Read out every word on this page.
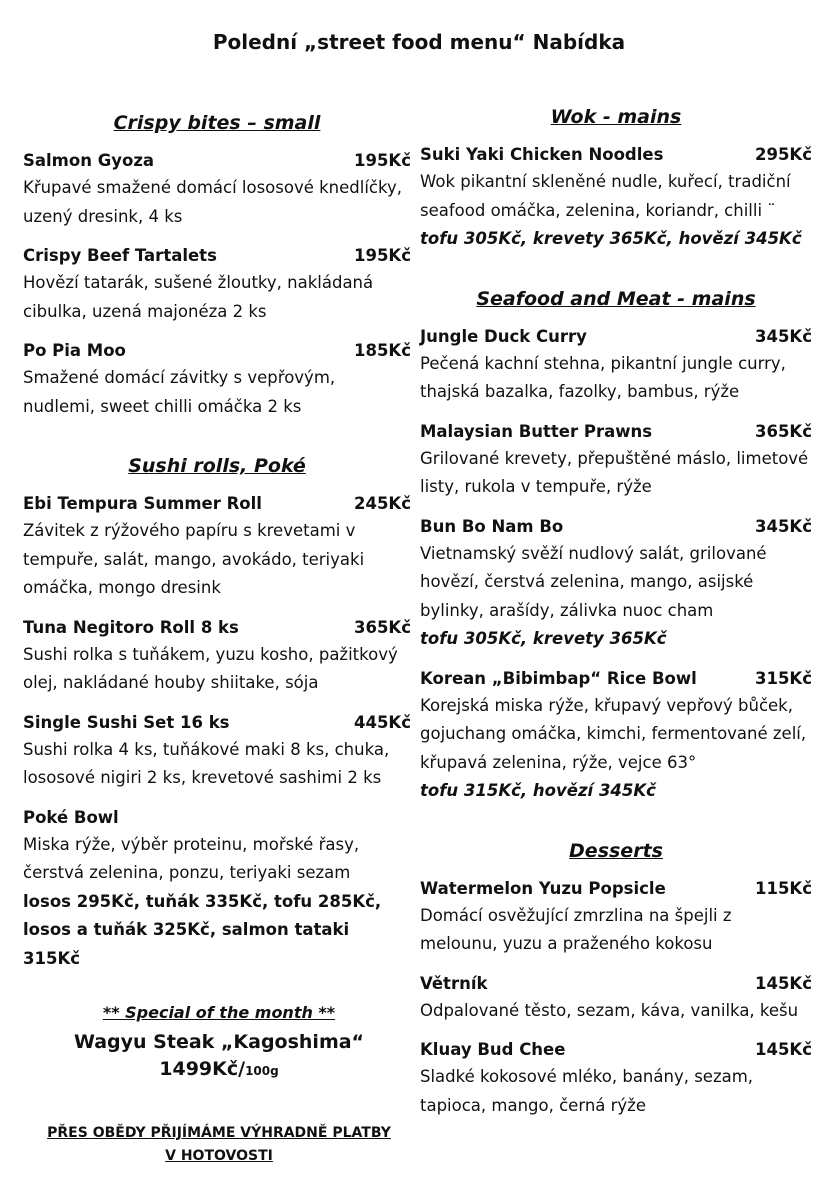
Polední „street food menu“ Nabídka
Crispy bites – small
Salmon Gyoza	195Kč
Křupavé smažené domácí lososové knedlíčky, uzený dresink, 4 ks
Crispy Beef Tartalets	195Kč
Hovězí tatarák, sušené žloutky, nakládaná cibulka, uzená majonéza 2 ks
Po Pia Moo	185Kč
Smažené domácí závitky s vepřovým, nudlemi, sweet chilli omáčka 2 ks
Sushi rolls, Poké
Ebi Tempura Summer Roll	245Kč
Závitek z rýžového papíru s krevetami v tempuře, salát, mango, avokádo, teriyaki omáčka, mongo dresink
Tuna Negitoro Roll 8 ks	365Kč
Sushi rolka s tuňákem, yuzu kosho, pažitkový olej, nakládané houby shiitake, sója
Single Sushi Set 16 ks	445Kč
Sushi rolka 4 ks, tuňákové maki 8 ks, chuka, lososové nigiri 2 ks, krevetové sashimi 2 ks
Poké Bowl
Miska rýže, výběr proteinu, mořské řasy, čerstvá zelenina, ponzu, teriyaki sezam
losos 295Kč, tuňák 335Kč, tofu 285Kč, losos a tuňák 325Kč, salmon tataki 315Kč
Wok - mains
Suki Yaki Chicken Noodles	295Kč
Wok pikantní skleněné nudle, kuřecí, tradiční seafood omáčka, zelenina, koriandr, chilli ¨
tofu 305Kč, krevety 365Kč, hovězí 345Kč
Seafood and Meat - mains
Jungle Duck Curry	345Kč
Pečená kachní stehna, pikantní jungle curry, thajská bazalka, fazolky, bambus, rýže
Malaysian Butter Prawns	365Kč
Grilované krevety, přepuštěné máslo, limetové listy, rukola v tempuře, rýže
Bun Bo Nam Bo	345Kč
Vietnamský svěží nudlový salát, grilované hovězí, čerstvá zelenina, mango, asijské bylinky, arašídy, zálivka nuoc cham
tofu 305Kč, krevety 365Kč
Korean „Bibimbap“ Rice Bowl	315Kč
Korejská miska rýže, křupavý vepřový bůček, gojuchang omáčka, kimchi, fermentované zelí, křupavá zelenina, rýže, vejce 63°
tofu 315Kč, hovězí 345Kč
Desserts
Watermelon Yuzu Popsicle	115Kč
Domácí osvěžující zmrzlina na špejli z melounu, yuzu a praženého kokosu
Větrník	145Kč
Odpalované těsto, sezam, káva, vanilka, kešu
Kluay Bud Chee	145Kč
Sladké kokosové mléko, banány, sezam, tapioca, mango, černá rýže
** Special of the month **
Wagyu Steak „Kagoshima“
1499Kč/100g
PŘES OBĚDY PŘIJÍMÁME VÝHRADNĚ PLATBY
V HOTOVOSTI
